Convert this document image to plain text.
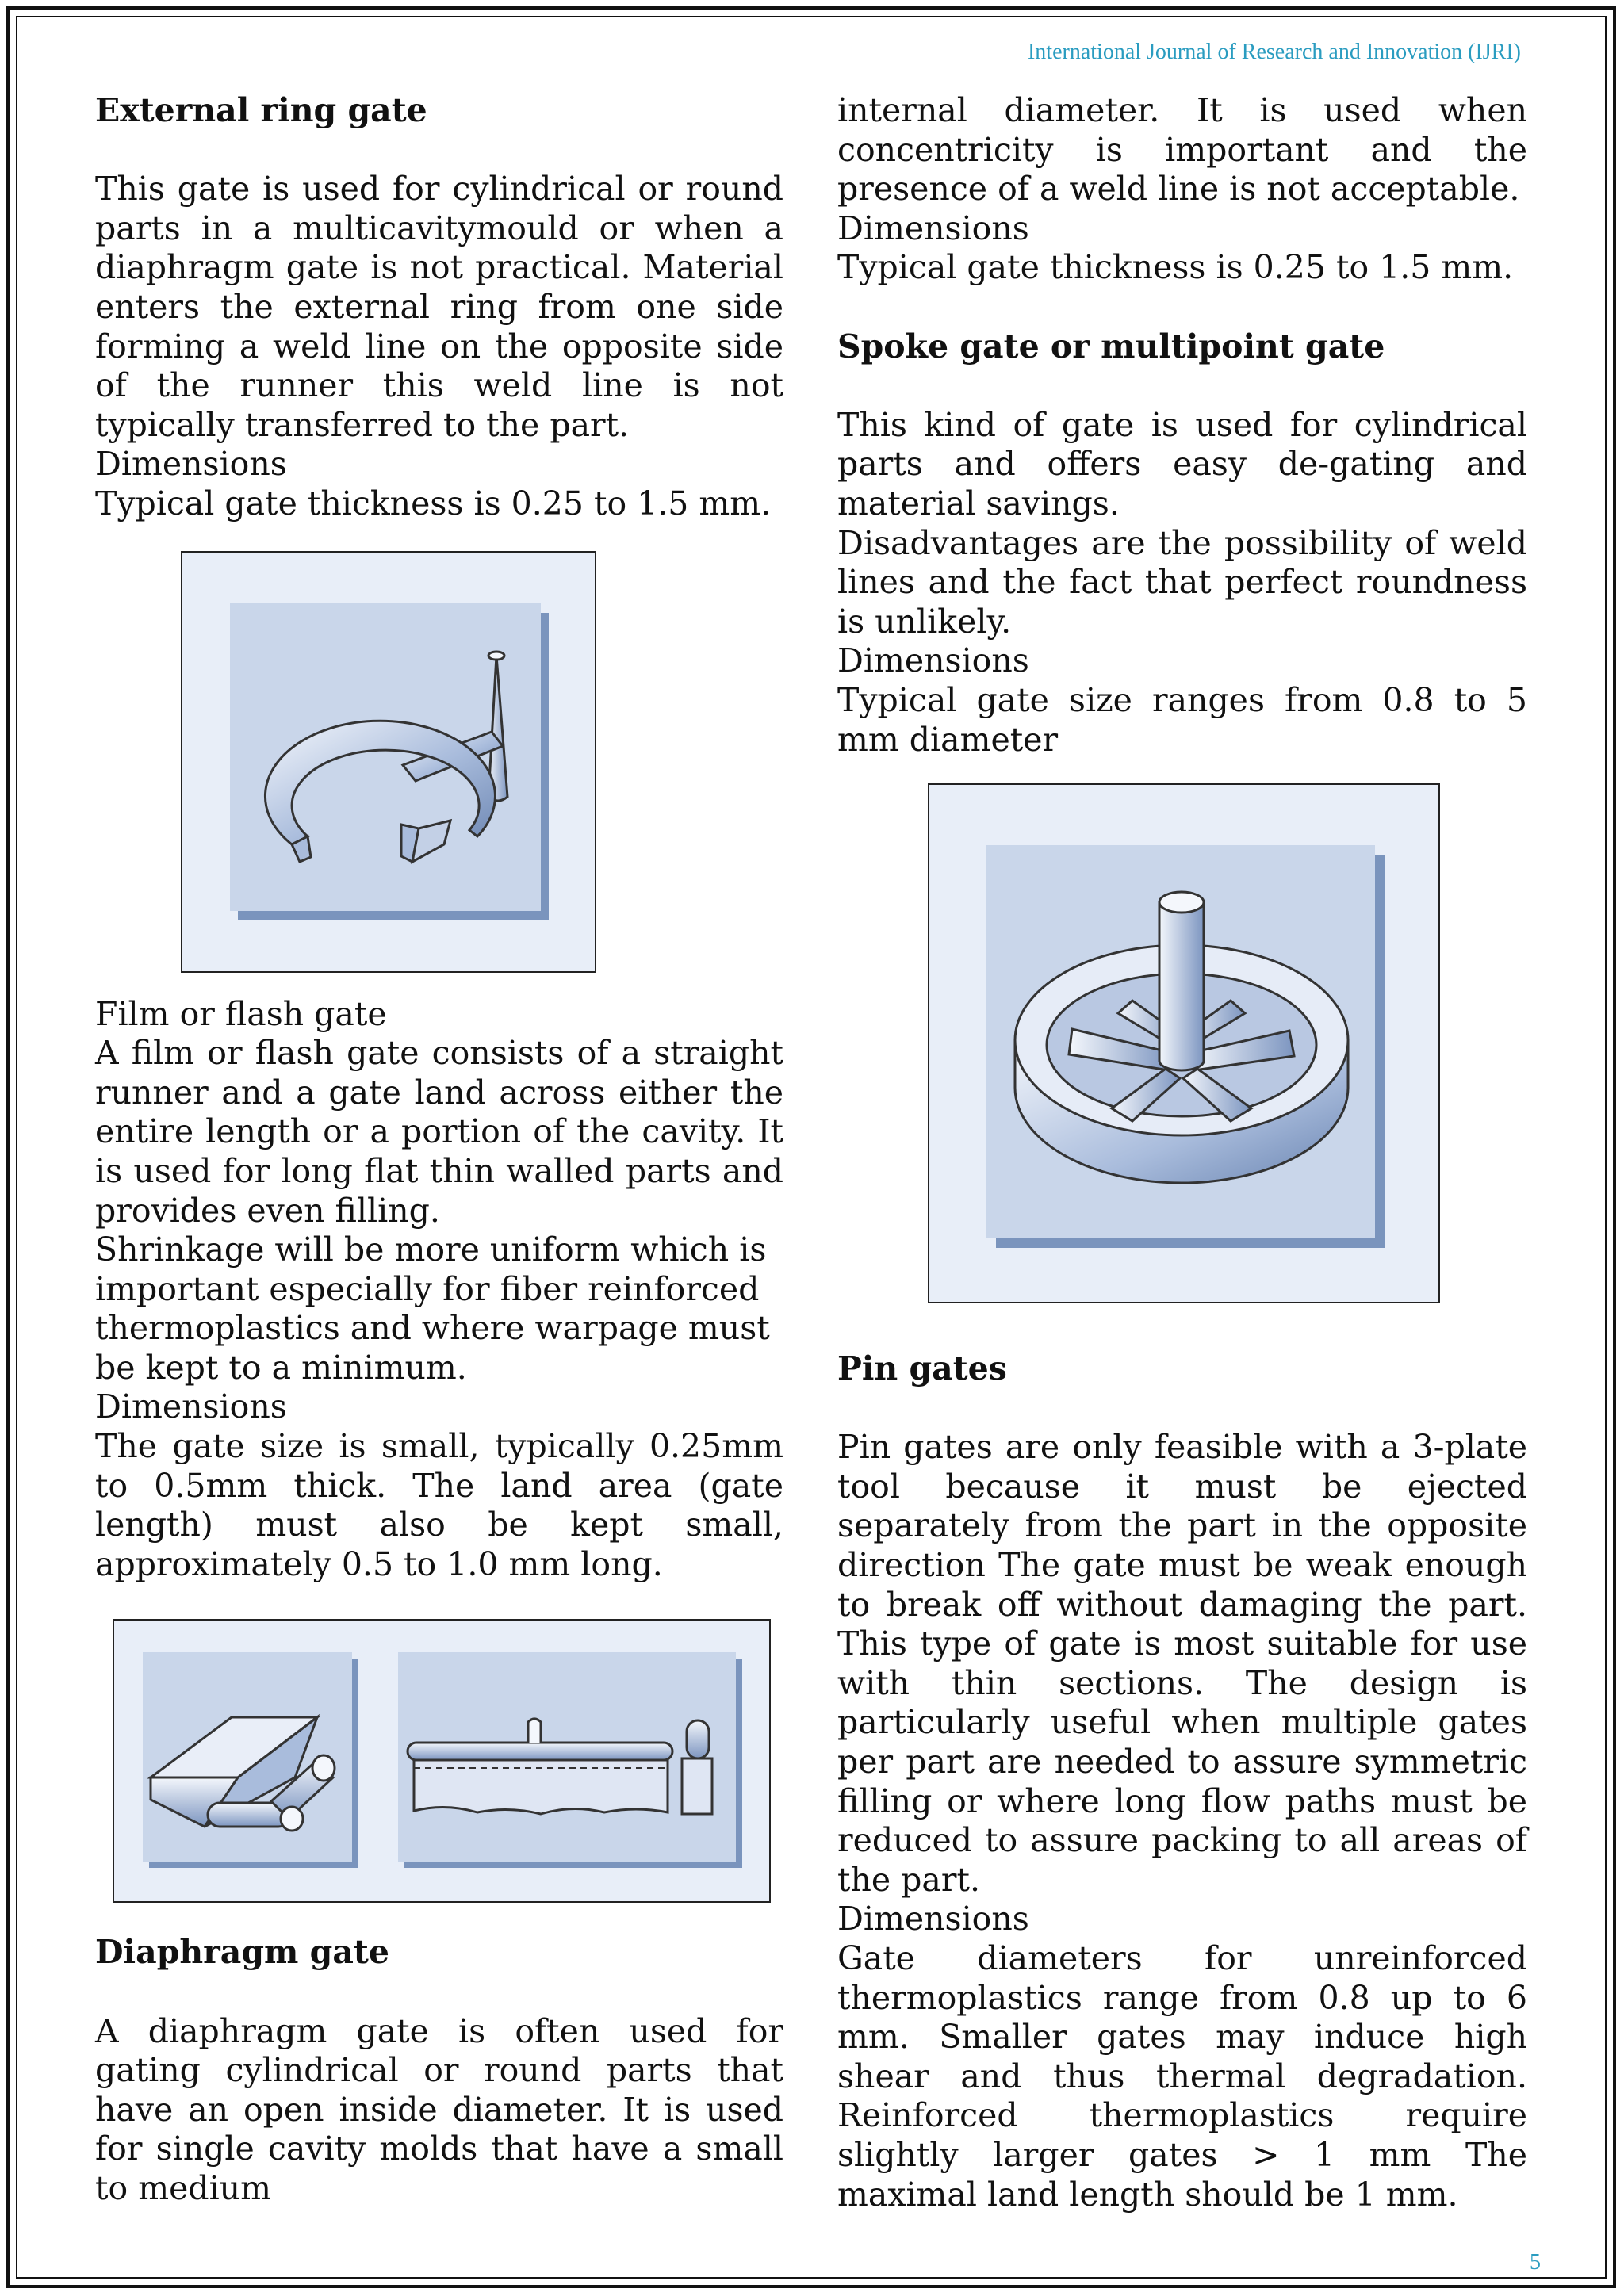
International Journal of Research and Innovation (IJRI)
External ring gate

This gate is used for cylindrical or round parts in a multicavitymould or when a diaphragm gate is not practical. Material enters the external ring from one side forming a weld line on the opposite side of the runner this weld line is not typically transferred to the part.

Dimensions

Typical gate thickness is 0.25 to 1.5 mm.

Film or flash gate

A film or flash gate consists of a straight runner and a gate land across either the entire length or a portion of the cavity. It is used for long flat thin walled parts and provides even filling.

Shrinkage will be more uniform which is important especially for fiber reinforced thermoplastics and where warpage must be kept to a minimum.

Dimensions

The gate size is small, typically 0.25mm to 0.5mm thick. The land area (gate length) must also be kept small, approximately 0.5 to 1.0 mm long.

Diaphragm gate

A diaphragm gate is often used for gating cylindrical or round parts that have an open inside diameter. It is used for single cavity molds that have a small to medium

internal diameter. It is used when concentricity is important and the presence of a weld line is not acceptable.

Dimensions

Typical gate thickness is 0.25 to 1.5 mm.

Spoke gate or multipoint gate

This kind of gate is used for cylindrical parts and offers easy de-gating and material savings.

Disadvantages are the possibility of weld lines and the fact that perfect roundness is unlikely.

Dimensions

Typical gate size ranges from 0.8 to 5 mm diameter

Pin gates

Pin gates are only feasible with a 3-plate tool because it must be ejected separately from the part in the opposite direction The gate must be weak enough to break off without damaging the part. This type of gate is most suitable for use with thin sections. The design is particularly useful when multiple gates per part are needed to assure symmetric filling or where long flow paths must be reduced to assure packing to all areas of the part.

Dimensions

Gate diameters for unreinforced thermoplastics range from 0.8 up to 6 mm. Smaller gates may induce high shear and thus thermal degradation. Reinforced thermoplastics require slightly larger gates > 1 mm The maximal land length should be 1 mm.

5
